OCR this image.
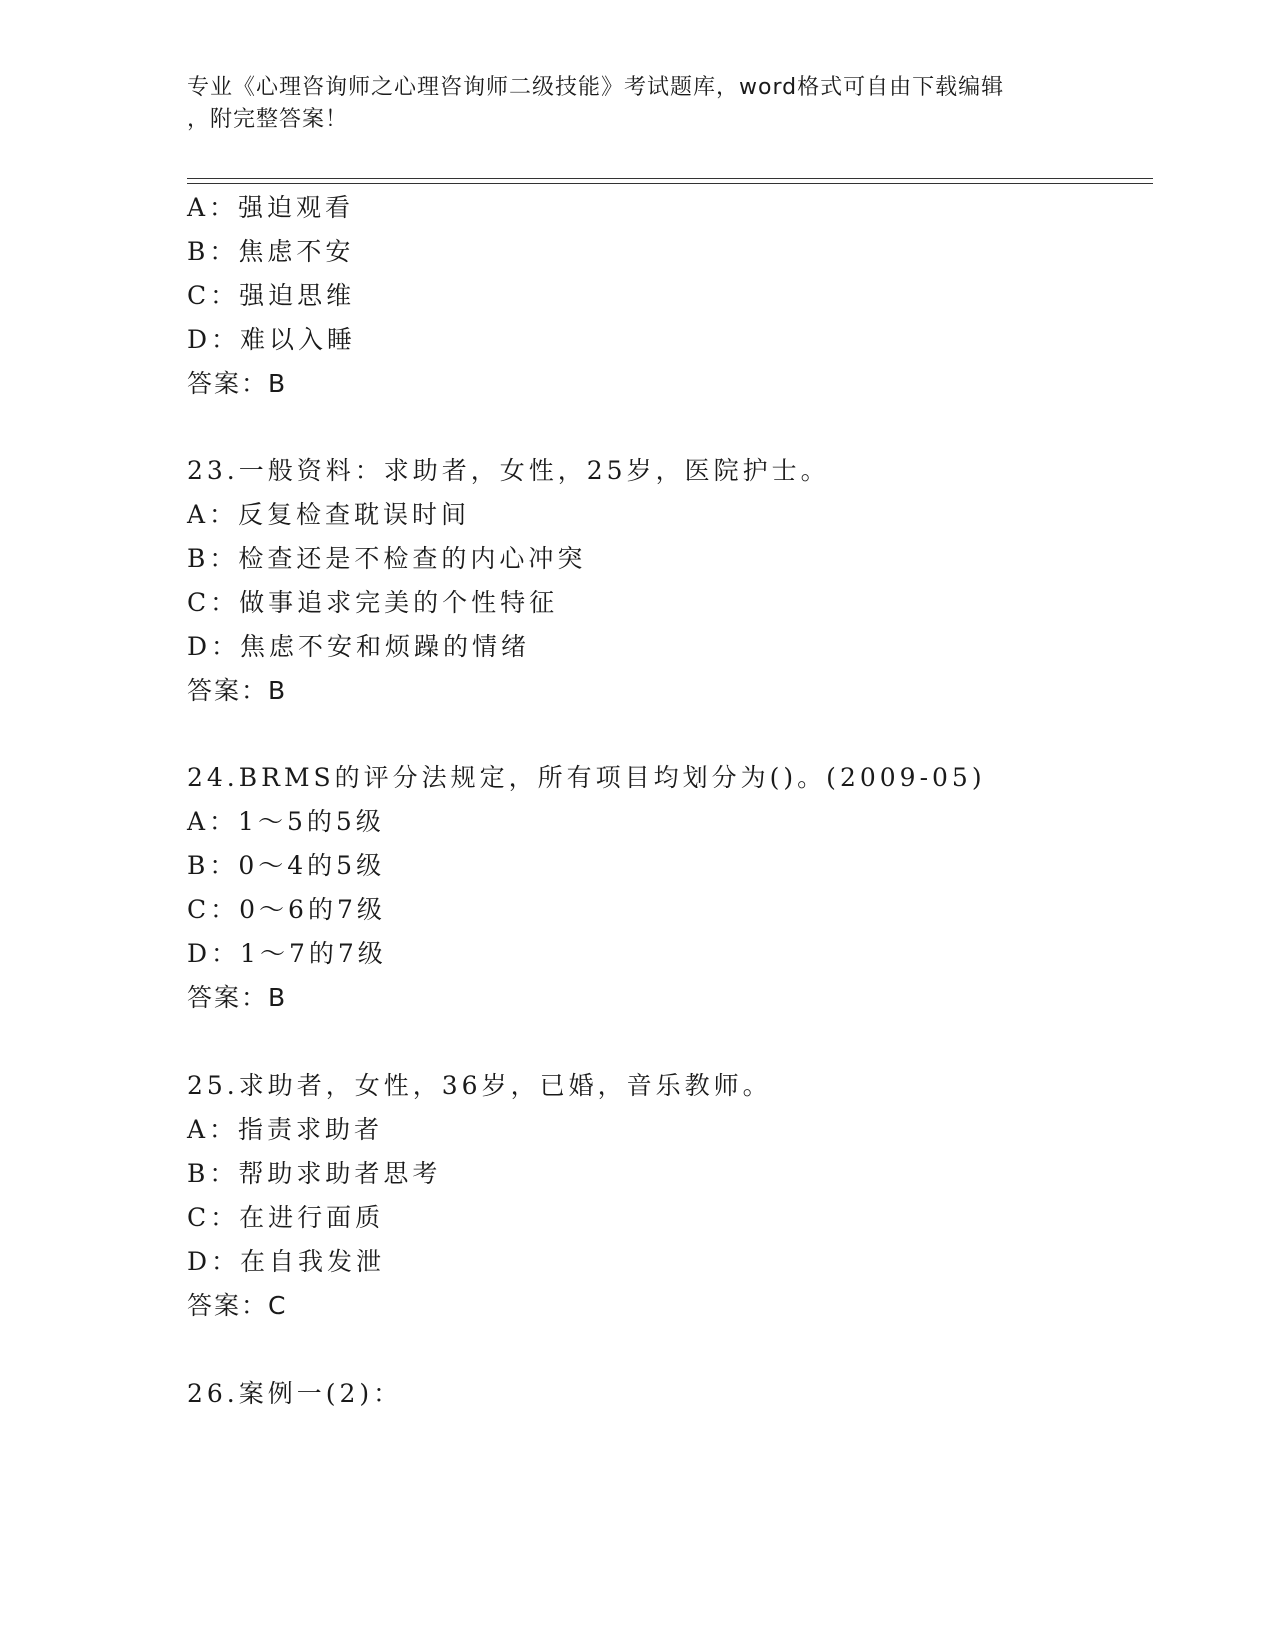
专业《心理咨询师之心理咨询师二级技能》考试题库，word格式可自由下载编辑
，附完整答案！
A：强迫观看
B：焦虑不安
C：强迫思维
D：难以入睡
答案：B
23.一般资料：求助者，女性，25岁，医院护士。
A：反复检查耽误时间
B：检查还是不检查的内心冲突
C：做事追求完美的个性特征
D：焦虑不安和烦躁的情绪
答案：B
24.BRMS的评分法规定，所有项目均划分为()。(2009-05)
A：1～5的5级
B：0～4的5级
C：0～6的7级
D：1～7的7级
答案：B
25.求助者，女性，36岁，已婚，音乐教师。
A：指责求助者
B：帮助求助者思考
C：在进行面质
D：在自我发泄
答案：C
26.案例一(2)：
